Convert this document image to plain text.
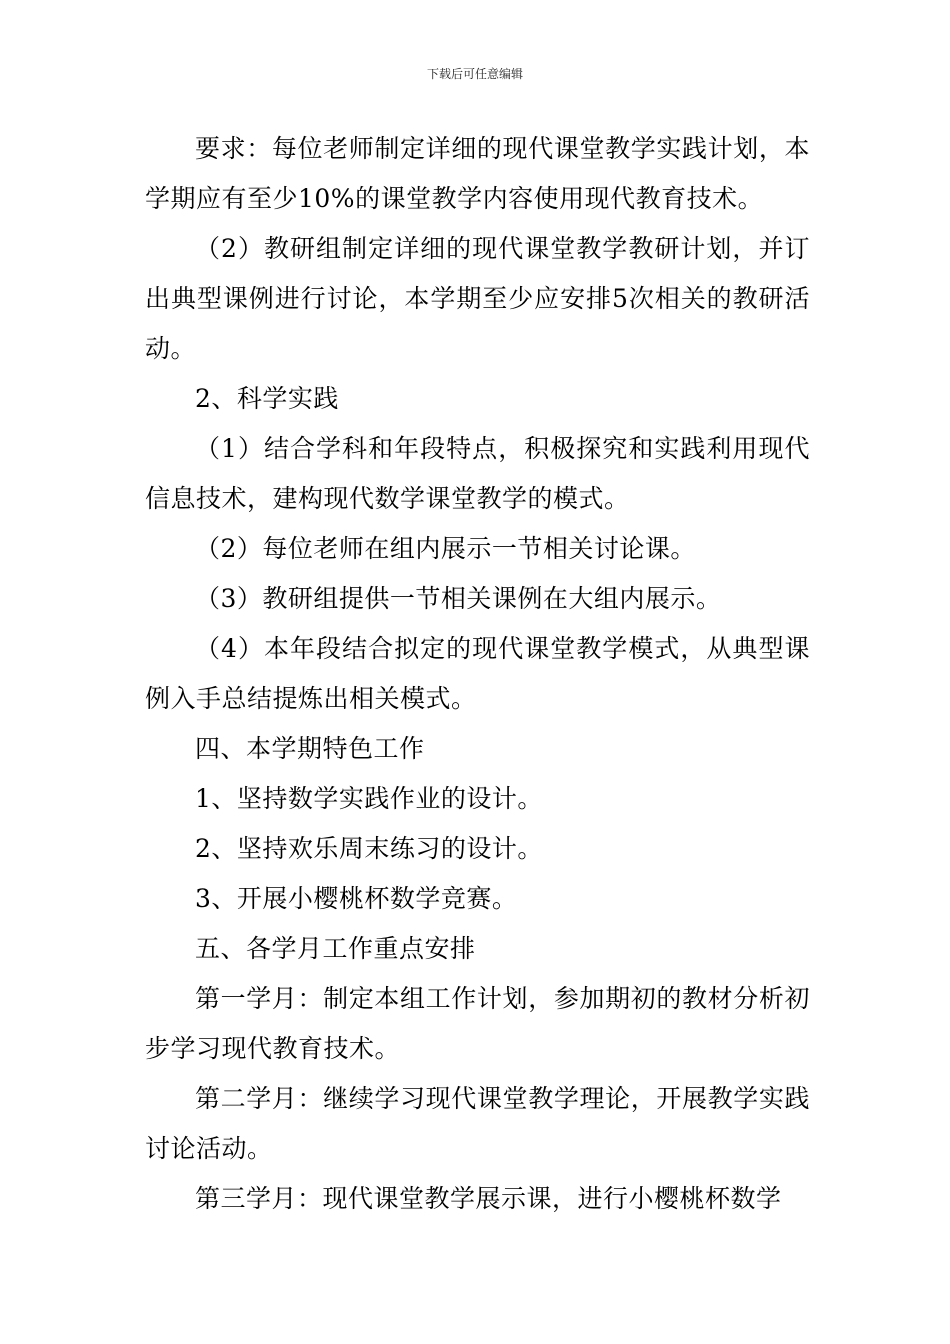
下载后可任意编辑

要求：每位老师制定详细的现代课堂教学实践计划，本学期应有至少10%的课堂教学内容使用现代教育技术。

（2）教研组制定详细的现代课堂教学教研计划，并订出典型课例进行讨论，本学期至少应安排5次相关的教研活动。

2、科学实践

（1）结合学科和年段特点，积极探究和实践利用现代信息技术，建构现代数学课堂教学的模式。

（2）每位老师在组内展示一节相关讨论课。

（3）教研组提供一节相关课例在大组内展示。

（4）本年段结合拟定的现代课堂教学模式，从典型课例入手总结提炼出相关模式。

四、本学期特色工作

1、坚持数学实践作业的设计。

2、坚持欢乐周末练习的设计。

3、开展小樱桃杯数学竞赛。

五、各学月工作重点安排

第一学月：制定本组工作计划，参加期初的教材分析初步学习现代教育技术。

第二学月：继续学习现代课堂教学理论，开展教学实践讨论活动。

第三学月：现代课堂教学展示课，进行小樱桃杯数学
